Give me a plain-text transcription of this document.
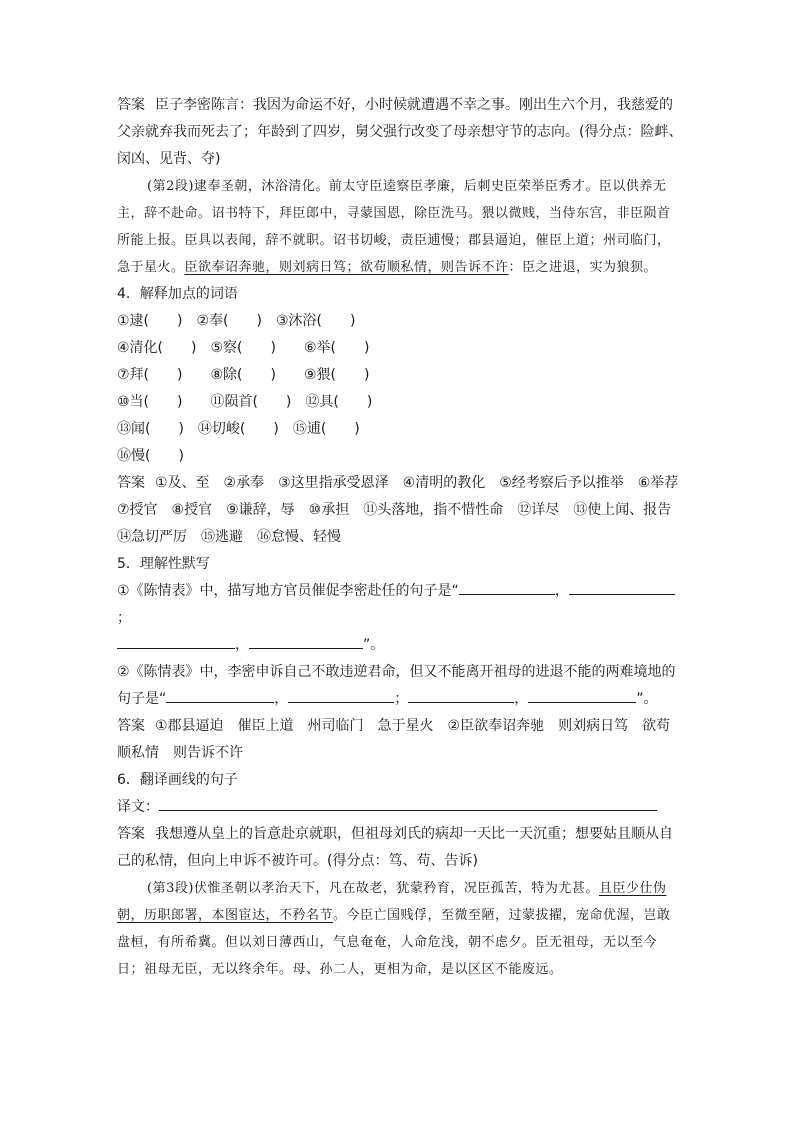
答案 臣子李密陈言：我因为命运不好，小时候就遭遇不幸之事。刚出生六个月，我慈爱的父亲就弃我而死去了；年龄到了四岁，舅父强行改变了母亲想守节的志向。(得分点：险衅、闵凶、见背、夺)

(第2段)逮奉圣朝，沐浴清化。前太守臣逵察臣孝廉，后刺史臣荣举臣秀才。臣以供养无主，辞不赴命。诏书特下，拜臣郎中，寻蒙国恩，除臣洗马。猥以微贱，当侍东宫，非臣陨首所能上报。臣具以表闻，辞不就职。诏书切峻，责臣逋慢；郡县逼迫，催臣上道；州司临门，急于星火。臣欲奉诏奔驰，则刘病日笃；欲苟顺私情，则告诉不许：臣之进退，实为狼狈。

4．解释加点的词语

①逮(　　)　②奉(　　)　③沐浴(　　)
④清化(　　)　⑤察(　　)　　⑥举(　　)
⑦拜(　　)　　⑧除(　　)　　⑨猥(　　)
⑩当(　　)　　⑪陨首(　　)　⑫具(　　)
⑬闻(　　)　⑭切峻(　　)　⑮逋(　　)
⑯慢(　　)

答案 ①及、至　②承奉　③这里指承受恩泽　④清明的教化　⑤经考察后予以推举　⑥举荐　⑦授官　⑧授官　⑨谦辞，辱　⑩承担　⑪头落地，指不惜性命　⑫详尽　⑬使上闻、报告　⑭急切严厉　⑮逃避　⑯怠慢、轻慢

5．理解性默写

①《陈情表》中，描写地方官员催促李密赴任的句子是“	，；
，	”。

②《陈情表》中，李密申诉自己不敢违逆君命，但又不能离开祖母的进退不能的两难境地的句子是“	，	；	，	”。

答案 ①郡县逼迫　催臣上道　州司临门　急于星火　②臣欲奉诏奔驰　则刘病日笃　欲苟顺私情　则告诉不许

6．翻译画线的句子

译文：

答案 我想遵从皇上的旨意赴京就职，但祖母刘氏的病却一天比一天沉重；想要姑且顺从自己的私情，但向上申诉不被许可。(得分点：笃、苟、告诉)

(第3段)伏惟圣朝以孝治天下，凡在故老，犹蒙矜育，况臣孤苦，特为尤甚。且臣少仕伪朝，历职郎署，本图宦达，不矜名节。今臣亡国贱俘，至微至陋，过蒙拔擢，宠命优渥，岂敢盘桓，有所希冀。但以刘日薄西山，气息奄奄，人命危浅，朝不虑夕。臣无祖母，无以至今日；祖母无臣，无以终余年。母、孙二人，更相为命，是以区区不能废远。
